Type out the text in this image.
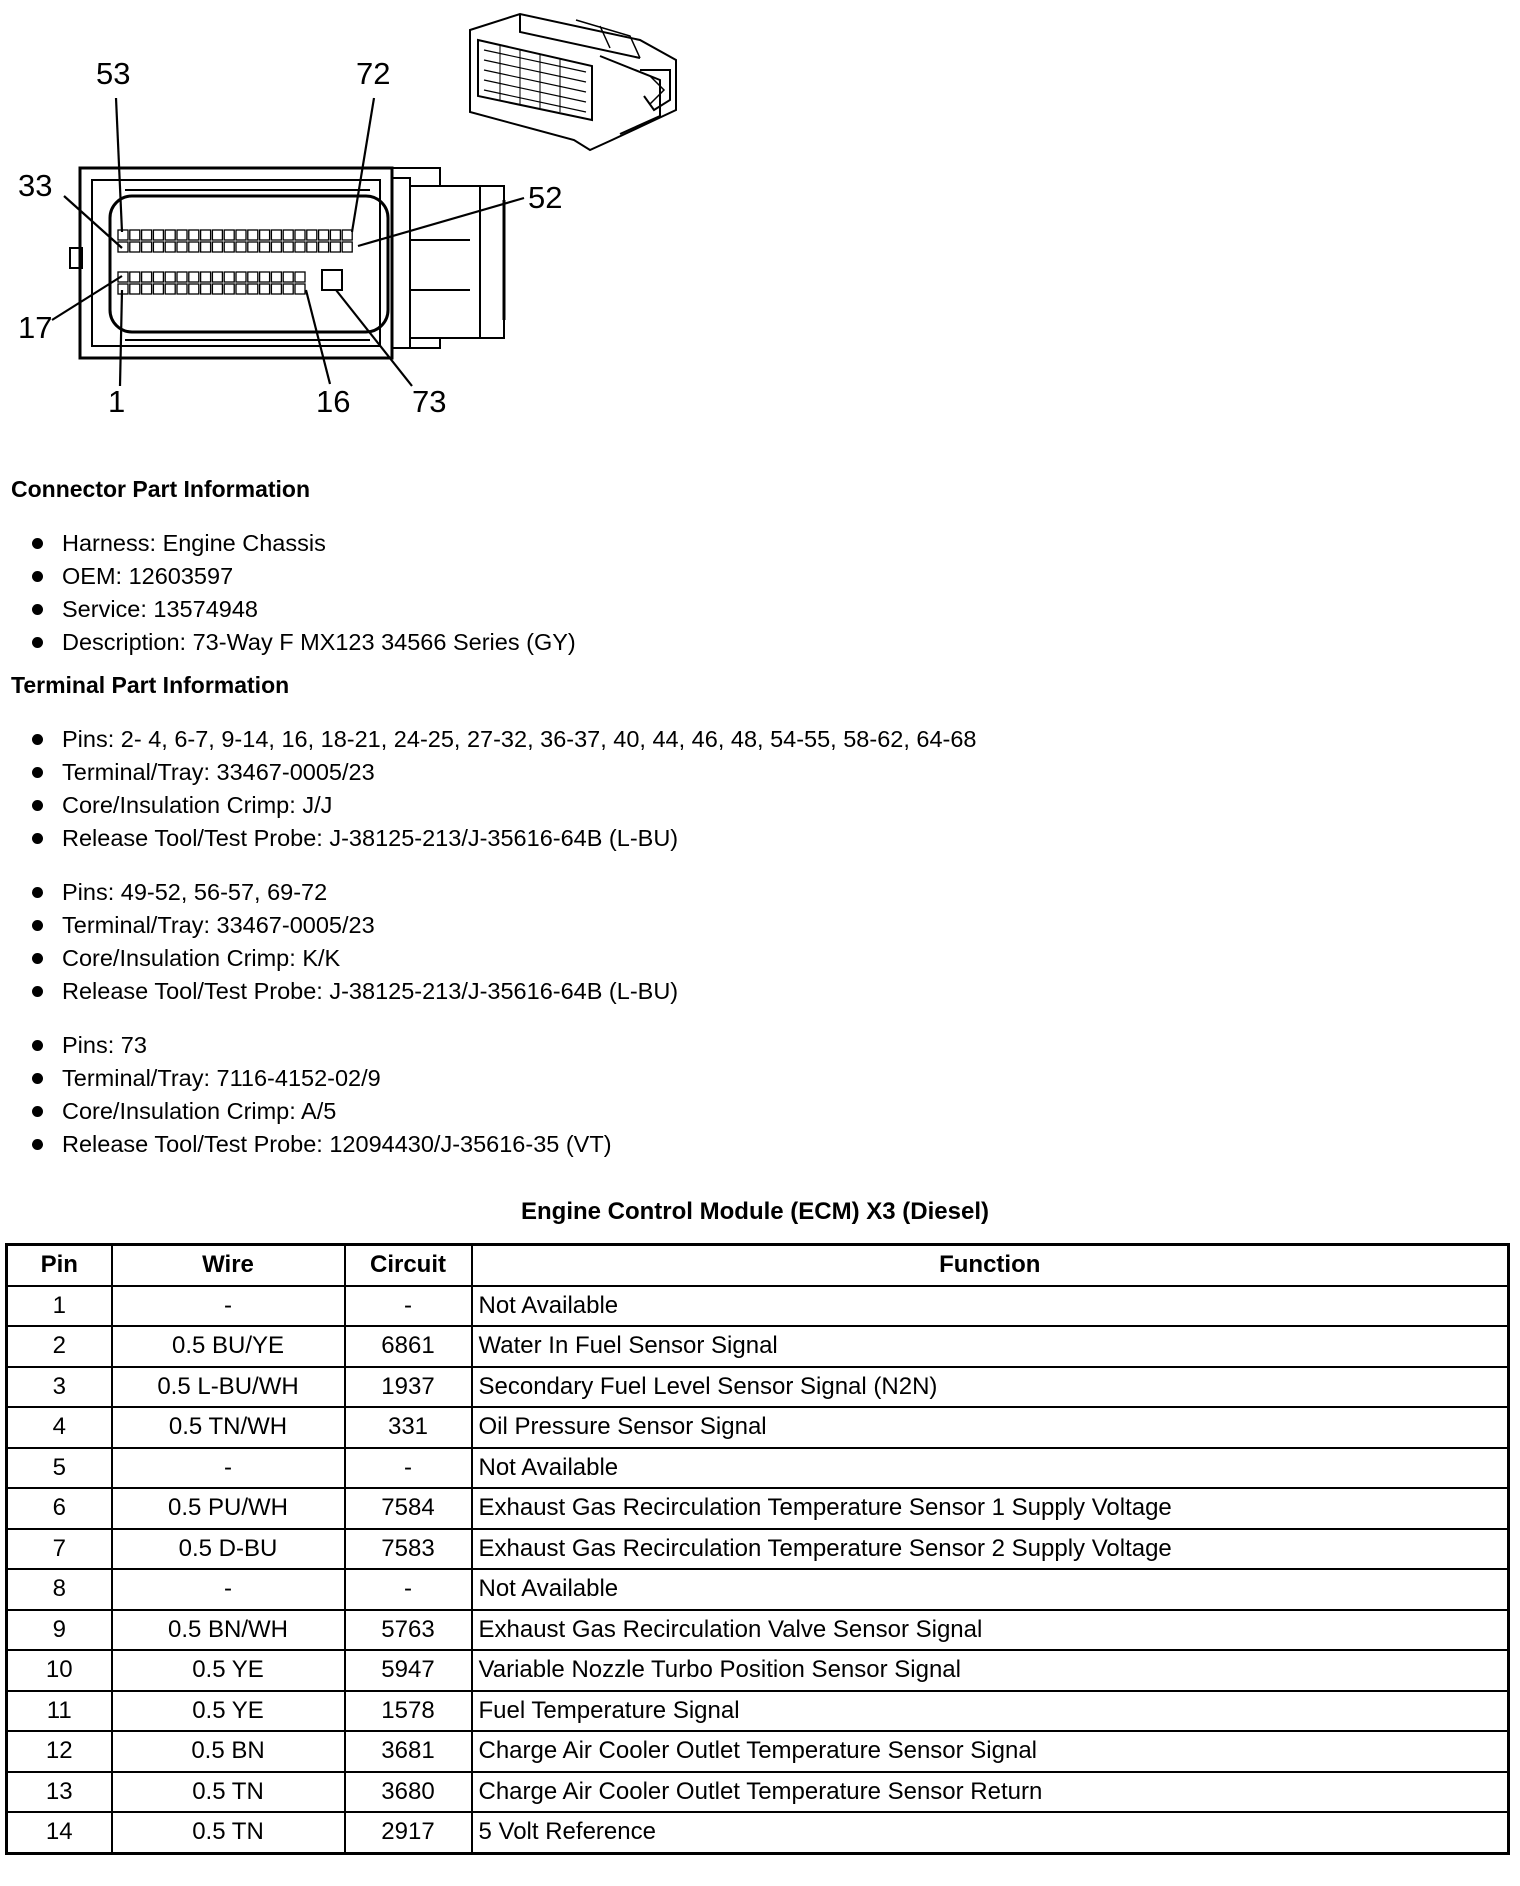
53	72
33	52
17
1	16 73
Connector Part Information
Harness: Engine Chassis
OEM: 12603597
Service: 13574948
Description: 73-Way F MX123 34566 Series (GY)
Terminal Part Information
Pins: 2- 4, 6-7, 9-14, 16, 18-21, 24-25, 27-32, 36-37, 40, 44, 46, 48, 54-55, 58-62, 64-68
Terminal/Tray: 33467-0005/23
Core/Insulation Crimp: J/J
Release Tool/Test Probe: J-38125-213/J-35616-64B (L-BU)
Pins: 49-52, 56-57, 69-72
Terminal/Tray: 33467-0005/23
Core/Insulation Crimp: K/K
Release Tool/Test Probe: J-38125-213/J-35616-64B (L-BU)
Pins: 73
Terminal/Tray: 7116-4152-02/9
Core/Insulation Crimp: A/5
Release Tool/Test Probe: 12094430/J-35616-35 (VT)
Engine Control Module (ECM) X3 (Diesel)
Pin	Wire	Circuit	Function
1	-	-	Not Available
2	0.5 BU/YE	6861	Water In Fuel Sensor Signal
3	0.5 L-BU/WH	1937	Secondary Fuel Level Sensor Signal (N2N)
4	0.5 TN/WH	331	Oil Pressure Sensor Signal
5	-	-	Not Available
6	0.5 PU/WH	7584	Exhaust Gas Recirculation Temperature Sensor 1 Supply Voltage
7	0.5 D-BU	7583	Exhaust Gas Recirculation Temperature Sensor 2 Supply Voltage
8	-	-	Not Available
9	0.5 BN/WH	5763	Exhaust Gas Recirculation Valve Sensor Signal
10	0.5 YE	5947	Variable Nozzle Turbo Position Sensor Signal
11	0.5 YE	1578	Fuel Temperature Signal
12	0.5 BN	3681	Charge Air Cooler Outlet Temperature Sensor Signal
13	0.5 TN	3680	Charge Air Cooler Outlet Temperature Sensor Return
14	0.5 TN	2917	5 Volt Reference
